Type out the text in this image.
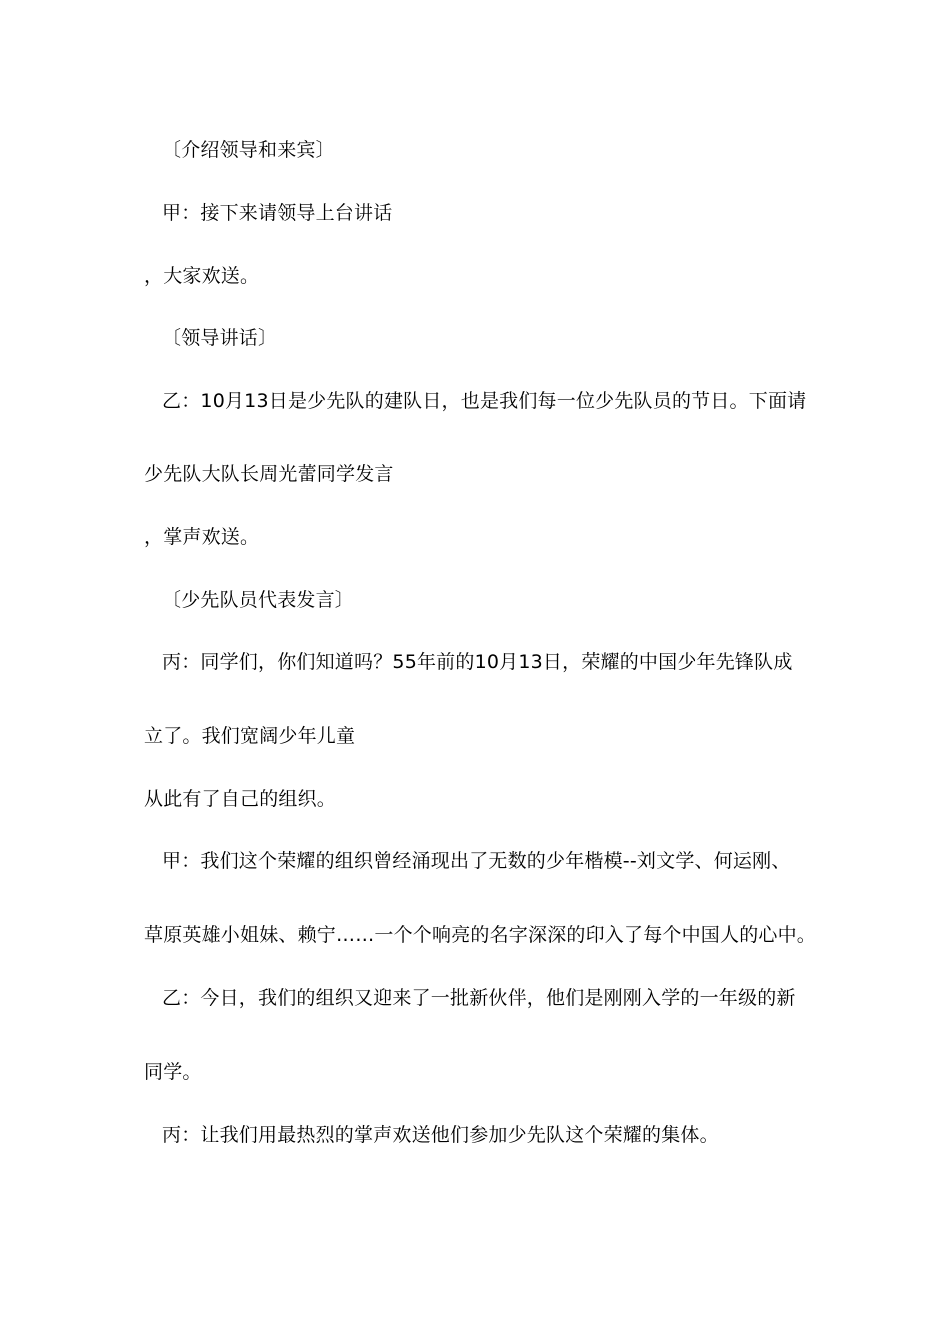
〔介绍领导和来宾〕
甲：接下来请领导上台讲话
，大家欢送。
〔领导讲话〕
乙：10月13日是少先队的建队日，也是我们每一位少先队员的节日。下面请
少先队大队长周光蕾同学发言
，掌声欢送。
〔少先队员代表发言〕
丙：同学们，你们知道吗？55年前的10月13日，荣耀的中国少年先锋队成
立了。我们宽阔少年儿童
从此有了自己的组织。
甲：我们这个荣耀的组织曾经涌现出了无数的少年楷模--刘文学、何运刚、
草原英雄小姐妹、赖宁……一个个响亮的名字深深的印入了每个中国人的心中。
乙：今日，我们的组织又迎来了一批新伙伴，他们是刚刚入学的一年级的新
同学。
丙：让我们用最热烈的掌声欢送他们参加少先队这个荣耀的集体。
